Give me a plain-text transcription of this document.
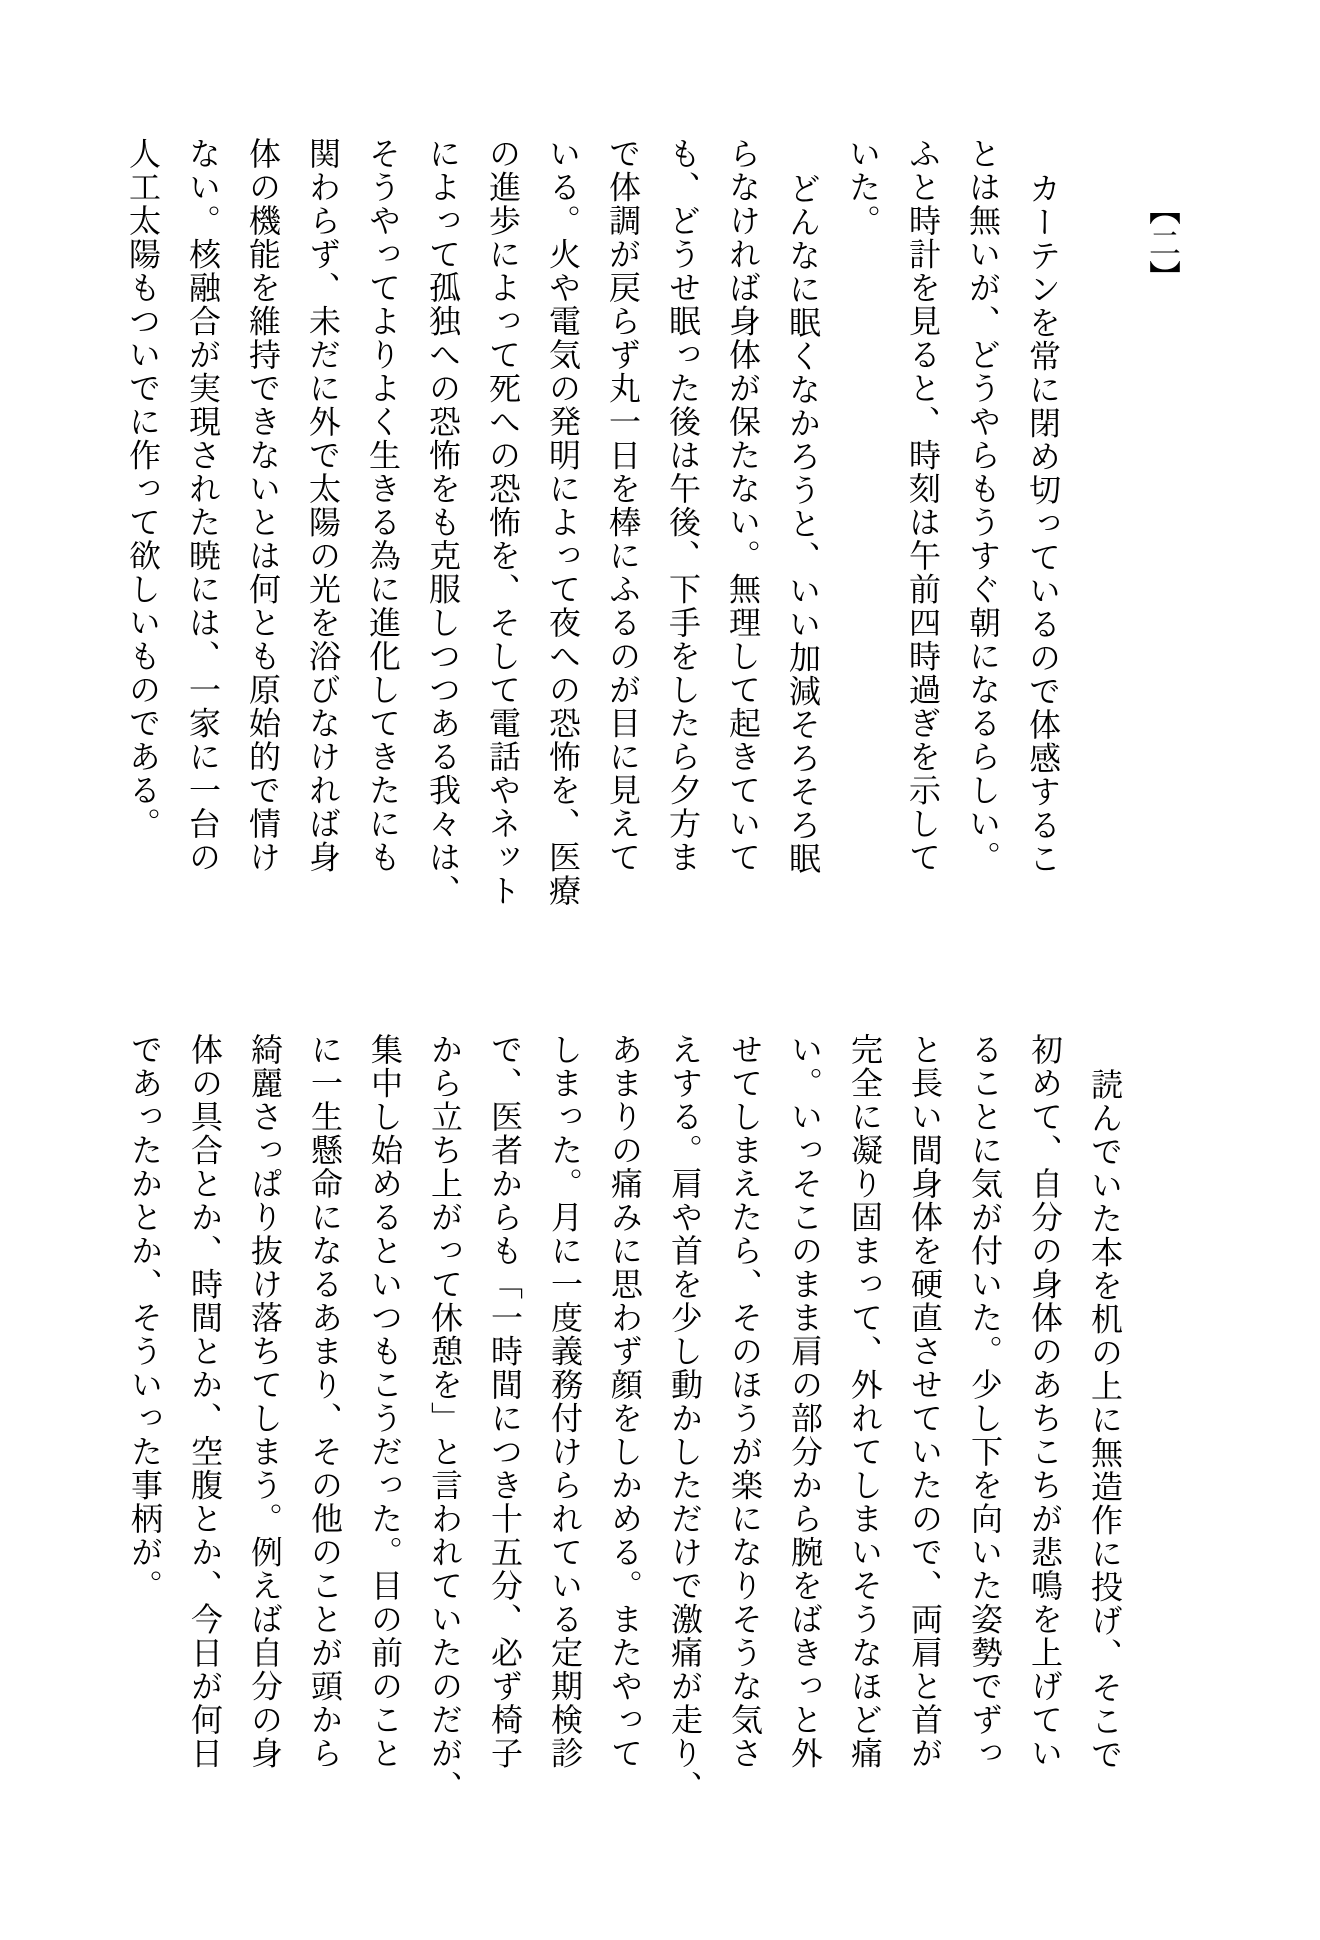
【二】
カーテンを常に閉め切っているので体感するこ
とは無いが、どうやらもうすぐ朝になるらしい。
ふと時計を見ると、時刻は午前四時過ぎを示して
いた。
どんなに眠くなかろうと、いい加減そろそろ眠
らなければ身体が保たない。無理して起きていて
も、どうせ眠った後は午後、下手をしたら夕方ま
で体調が戻らず丸一日を棒にふるのが目に見えて
いる。火や電気の発明によって夜への恐怖を、医療
の進歩によって死への恐怖を、そして電話やネット
によって孤独への恐怖をも克服しつつある我々は、
そうやってよりよく生きる為に進化してきたにも
関わらず、未だに外で太陽の光を浴びなければ身
体の機能を維持できないとは何とも原始的で情け
ない。核融合が実現された暁には、一家に一台の
人工太陽もついでに作って欲しいものである。
読んでいた本を机の上に無造作に投げ、そこで
初めて、自分の身体のあちこちが悲鳴を上げてい
ることに気が付いた。少し下を向いた姿勢でずっ
と長い間身体を硬直させていたので、両肩と首が
完全に凝り固まって、外れてしまいそうなほど痛
い。いっそこのまま肩の部分から腕をばきっと外
せてしまえたら、そのほうが楽になりそうな気さ
えする。肩や首を少し動かしただけで激痛が走り、
あまりの痛みに思わず顔をしかめる。またやって
しまった。月に一度義務付けられている定期検診
で、医者からも「一時間につき十五分、必ず椅子
から立ち上がって休憩を」と言われていたのだが、
集中し始めるといつもこうだった。目の前のこと
に一生懸命になるあまり、その他のことが頭から
綺麗さっぱり抜け落ちてしまう。例えば自分の身
体の具合とか、時間とか、空腹とか、今日が何日
であったかとか、そういった事柄が。
